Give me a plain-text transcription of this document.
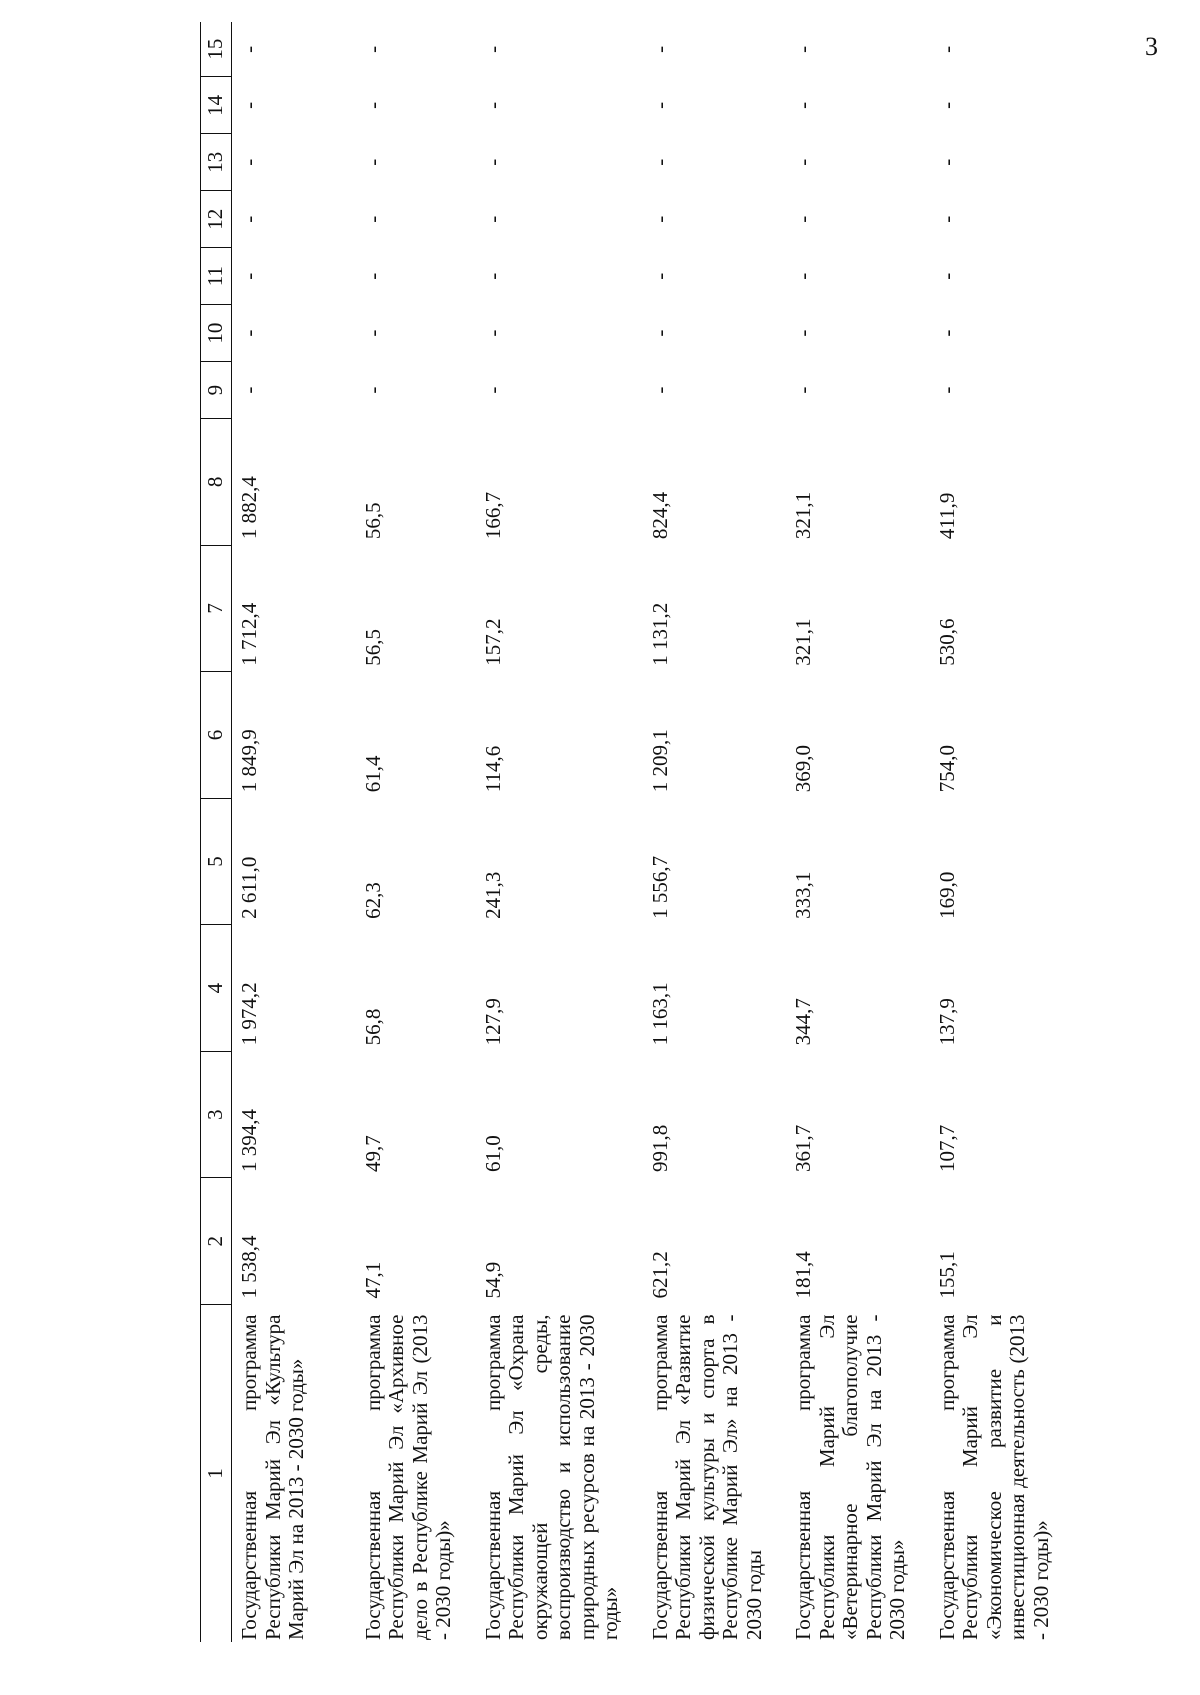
3
1	2	3	4	5	6	7	8	9	10	11	12	13	14	15
Государственная программа Республики Марий Эл «Культура Марий Эл на 2013 - 2030 годы»	1 538,4	1 394,4	1 974,2	2 611,0	1 849,9	1 712,4	1 882,4	-	-	-	-	-	-	-
Государственная программа Республики Марий Эл «Архивное дело в Республике Марий Эл (2013 - 2030 годы)»	47,1	49,7	56,8	62,3	61,4	56,5	56,5	-	-	-	-	-	-	-
Государственная программа Республики Марий Эл «Охрана окружающей среды, воспроизводство и использование природных ресурсов на 2013 - 2030 годы»	54,9	61,0	127,9	241,3	114,6	157,2	166,7	-	-	-	-	-	-	-
Государственная программа Республики Марий Эл «Развитие физической культуры и спорта в Республике Марий Эл» на 2013 - 2030 годы	621,2	991,8	1 163,1	1 556,7	1 209,1	1 131,2	824,4	-	-	-	-	-	-	-
Государственная программа Республики Марий Эл «Ветеринарное благополучие Республики Марий Эл на 2013 - 2030 годы»	181,4	361,7	344,7	333,1	369,0	321,1	321,1	-	-	-	-	-	-	-
Государственная программа Республики Марий Эл «Экономическое развитие и инвестиционная деятельность (2013 - 2030 годы)»	155,1	107,7	137,9	169,0	754,0	530,6	411,9	-	-	-	-	-	-	-
